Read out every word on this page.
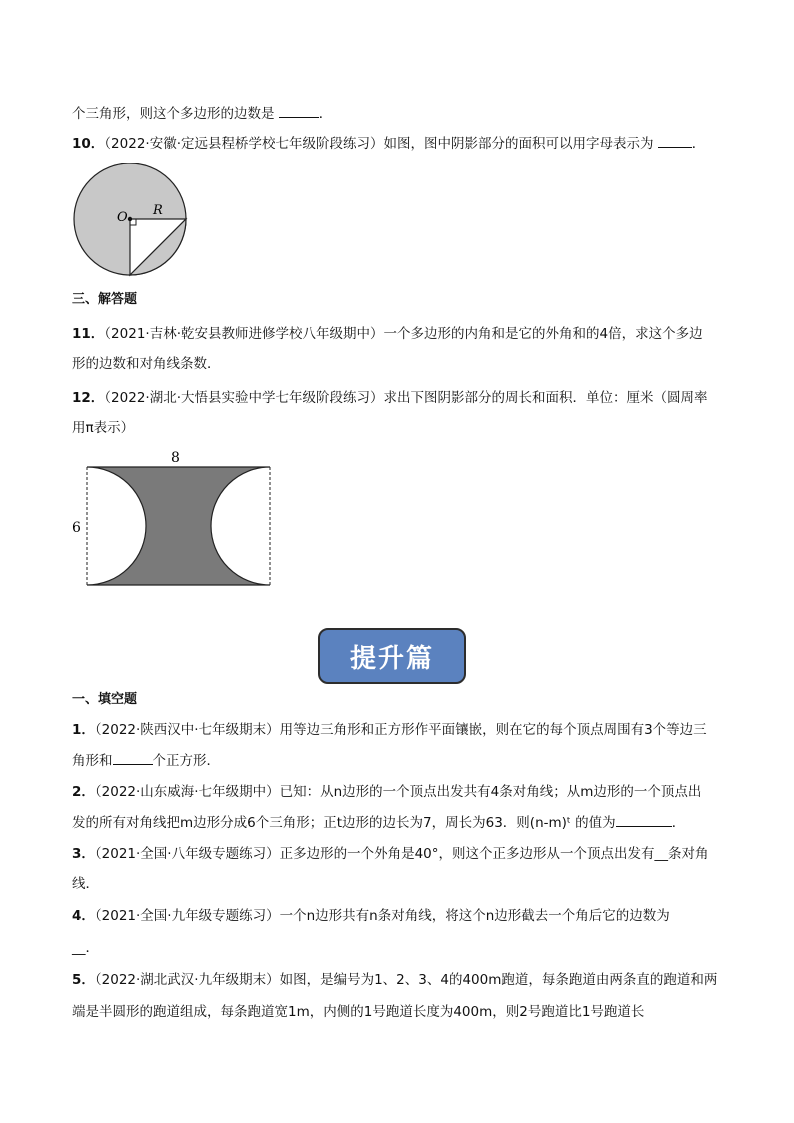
个三角形，则这个多边形的边数是	．
10．（2022·安徽·定远县程桥学校七年级阶段练习）如图，图中阴影部分的面积可以用字母表示为	．
O R
三、解答题
11．（2021·吉林·乾安县教师进修学校八年级期中）一个多边形的内角和是它的外角和的4倍，求这个多边
形的边数和对角线条数．
12．（2022·湖北·大悟县实验中学七年级阶段练习）求出下图阴影部分的周长和面积．单位：厘米（圆周率
用π表示）
8
6
提升篇
一、填空题
1．（2022·陕西汉中·七年级期末）用等边三角形和正方形作平面镶嵌，则在它的每个顶点周围有3个等边三
角形和	个正方形．
2．（2022·山东威海·七年级期中）已知：从n边形的一个顶点出发共有4条对角线；从m边形的一个顶点出
发的所有对角线把m边形分成6个三角形；正t边形的边长为7，周长为63．则(n-m)ᵗ 的值为	．
3．（2021·全国·八年级专题练习）正多边形的一个外角是40°，则这个正多边形从一个顶点出发有__条对角
线．
4．（2021·全国·九年级专题练习）一个n边形共有n条对角线，将这个n边形截去一个角后它的边数为
__．
5．（2022·湖北武汉·九年级期末）如图，是编号为1、2、3、4的400m跑道，每条跑道由两条直的跑道和两
端是半圆形的跑道组成，每条跑道宽1m，内侧的1号跑道长度为400m，则2号跑道比1号跑道长
